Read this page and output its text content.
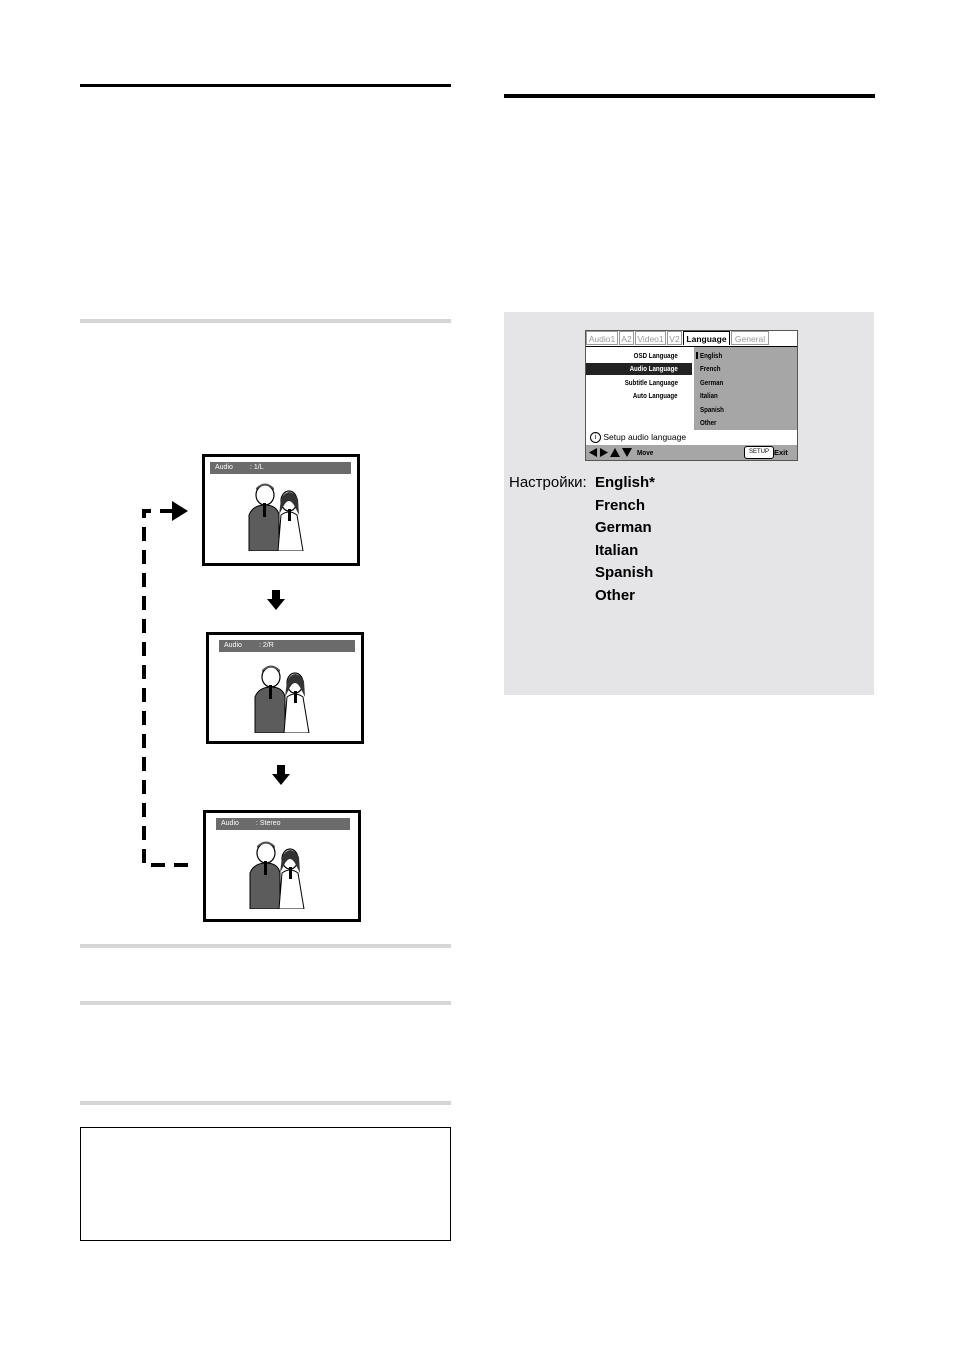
Audio : 1/L
Audio : 2/R
Audio : Stereo
Audio1 A2 Video1 V2 Language General
OSD Language
Audio Language
Subtitle Language
Auto Language
English
French
German
Italian
Spanish
Other
i Setup audio language
Move	SETUP Exit
Настройки: English*
French
German
Italian
Spanish
Other
